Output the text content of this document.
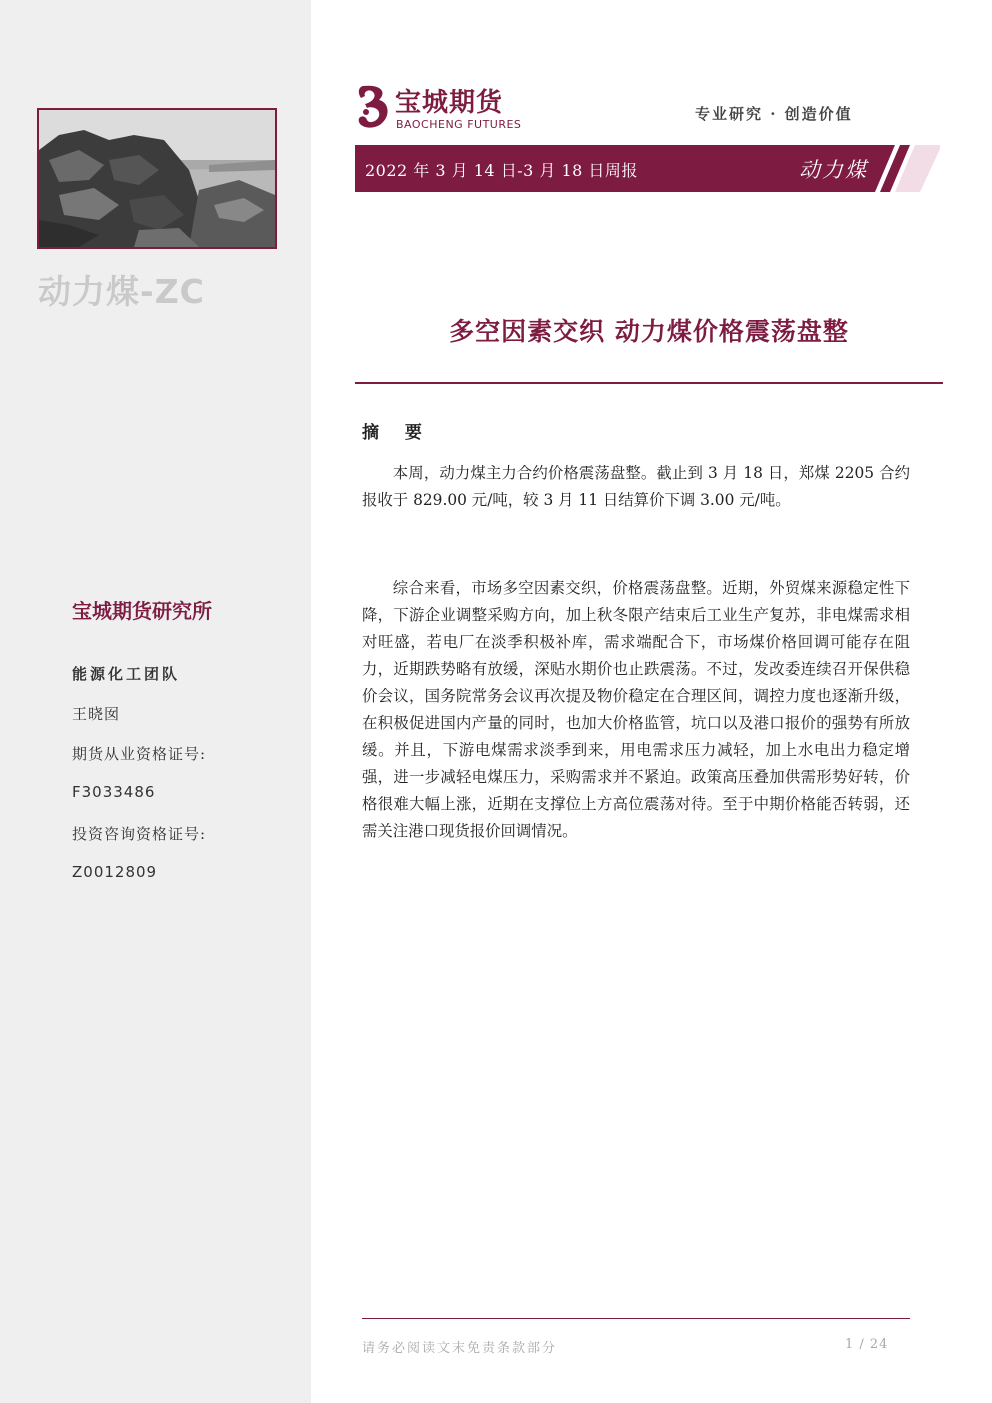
动力煤-ZC
宝城期货研究所
能源化工团队
王晓囡
期货从业资格证号:
F3033486
投资咨询资格证号:
Z0012809
宝城期货
BAOCHENG FUTURES
专业研究 · 创造价值
2022 年 3 月 14 日-3 月 18 日周报	动力煤
多空因素交织 动力煤价格震荡盘整
摘 要
本周，动力煤主力合约价格震荡盘整。截止到 3 月 18 日，郑煤 2205 合约报收于 829.00 元/吨，较 3 月 11 日结算价下调 3.00 元/吨。
综合来看，市场多空因素交织，价格震荡盘整。近期，外贸煤来源稳定性下降，下游企业调整采购方向，加上秋冬限产结束后工业生产复苏，非电煤需求相对旺盛，若电厂在淡季积极补库，需求端配合下，市场煤价格回调可能存在阻力，近期跌势略有放缓，深贴水期价也止跌震荡。不过，发改委连续召开保供稳价会议，国务院常务会议再次提及物价稳定在合理区间，调控力度也逐渐升级，在积极促进国内产量的同时，也加大价格监管，坑口以及港口报价的强势有所放缓。并且，下游电煤需求淡季到来，用电需求压力减轻，加上水电出力稳定增强，进一步减轻电煤压力，采购需求并不紧迫。政策高压叠加供需形势好转，价格很难大幅上涨，近期在支撑位上方高位震荡对待。至于中期价格能否转弱，还需关注港口现货报价回调情况。
请务必阅读文末免责条款部分	1 / 24
